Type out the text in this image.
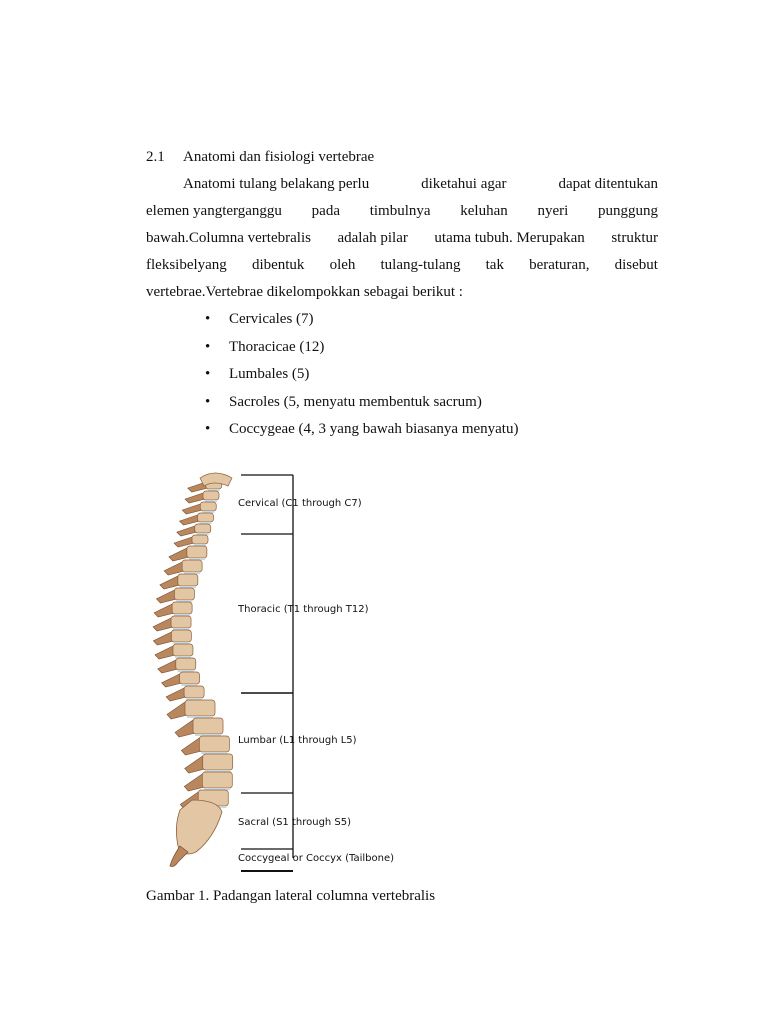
2.1 Anatomi dan fisiologi vertebrae
Anatomi tulang belakang perlu	diketahui agar	dapat ditentukan
elemen yangterganggu pada timbulnya keluhan nyeri punggung
bawah.Columna vertebralis adalah pilar utama tubuh. Merupakan struktur
fleksibelyang dibentuk oleh tulang-tulang tak beraturan, disebut
vertebrae.Vertebrae dikelompokkan sebagai berikut :
• Cervicales (7)
• Thoracicae (12)
• Lumbales (5)
• Sacroles (5, menyatu membentuk sacrum)
• Coccygeae (4, 3 yang bawah biasanya menyatu)
Cervical (C1 through C7)
Thoracic (T1 through T12)
Lumbar (L1 through L5)
Sacral (S1 through S5)
Coccygeal or Coccyx (Tailbone)
Gambar 1. Padangan lateral columna vertebralis
